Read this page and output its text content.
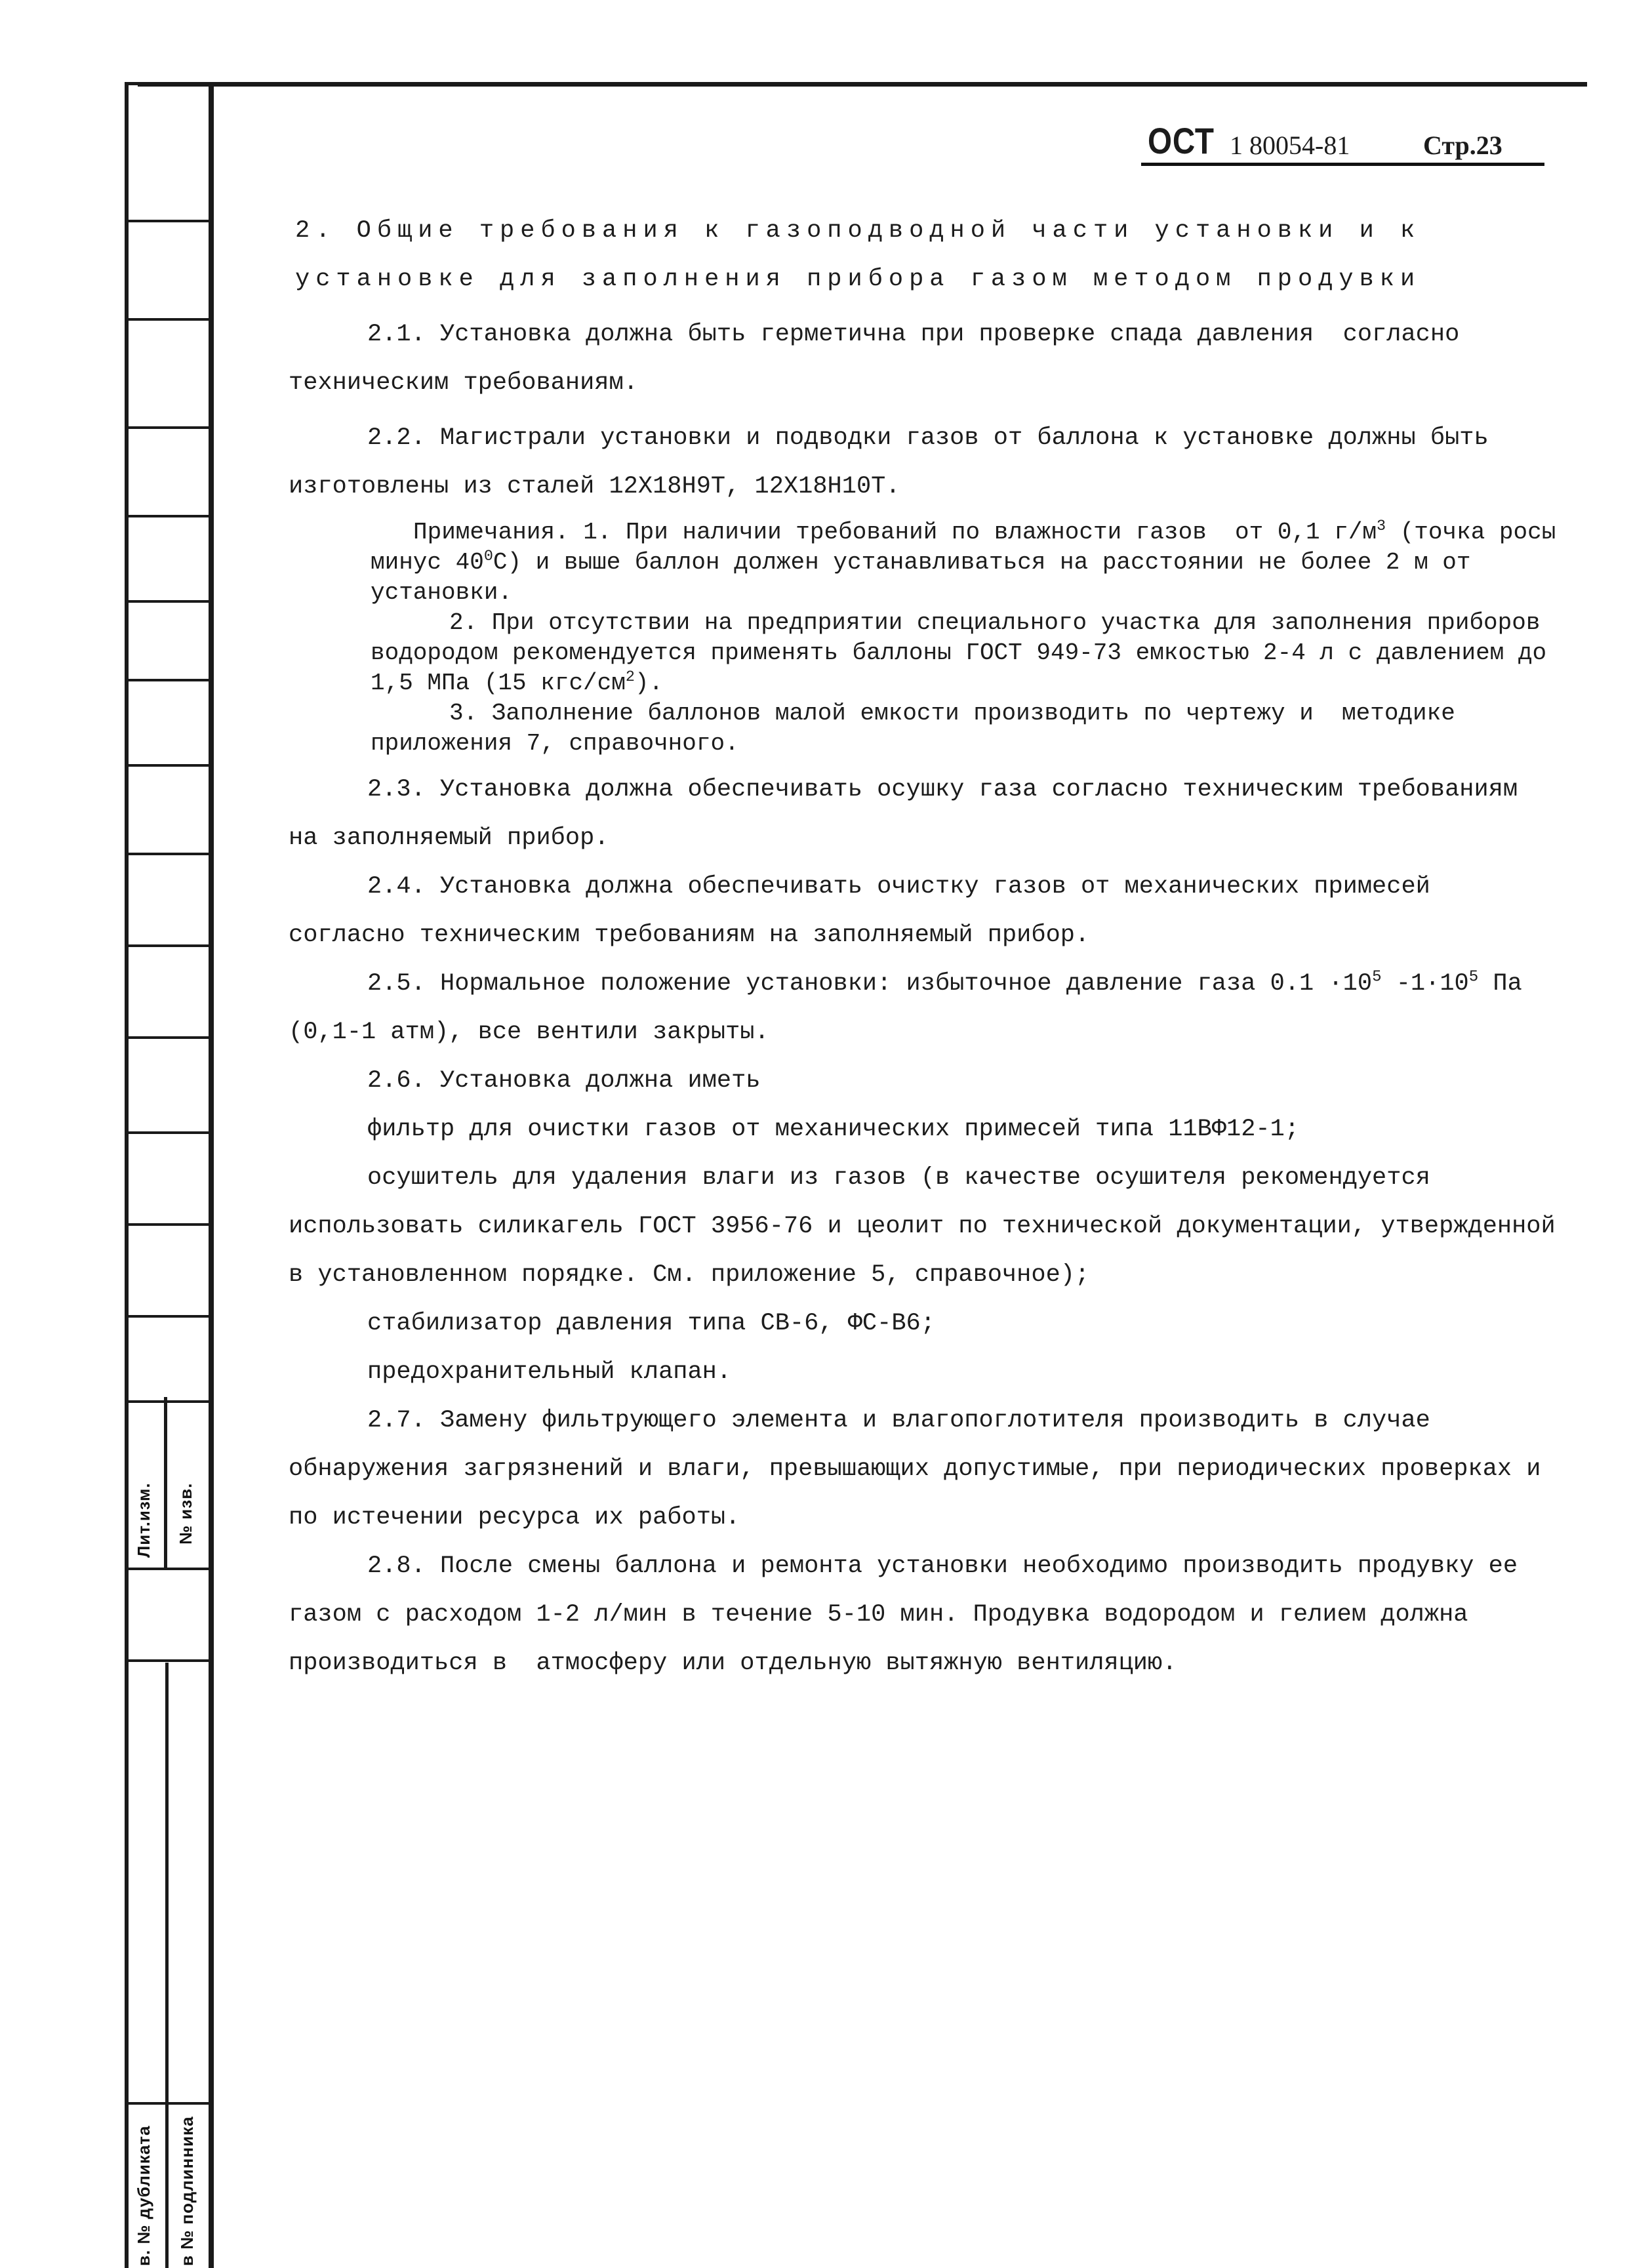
Лит.изм. № изв.
в. № дубликата в № подлинника
ОСТ 1 80054-81	Стр.23

2. Общие требования к газоподводной части установки и к установке для заполнения прибора газом методом продувки

2.1. Установка должна быть герметична при проверке спада давления  согласно техническим требованиям.

2.2. Магистрали установки и подводки газов от баллона к установке должны быть изготовлены из сталей 12Х18Н9Т, 12Х18Н10Т.

Примечания. 1. При наличии требований по влажности газов  от 0,1 $г/м^3$ (точка росы минус $40^0С$) и выше баллон должен устанавливаться на расстоянии не более 2 м от установки.

2. При отсутствии на предприятии специального участка для заполнения приборов водородом рекомендуется применять баллоны ГОСТ 949-73 емкостью 2-4 л с давлением до 1,5 МПа (15 кгс/$см^2$).

3. Заполнение баллонов малой емкости производить по чертежу и  методике приложения 7, справочного.

2.3. Установка должна обеспечивать осушку газа согласно техническим требованиям на заполняемый прибор.

2.4. Установка должна обеспечивать очистку газов от механических примесей согласно техническим требованиям на заполняемый прибор.

2.5. Нормальное положение установки: избыточное давление газа $0.1 \cdot 10^5$ $-1\cdot 10^5$ Па (0,1-1 атм), все вентили закрыты.

2.6. Установка должна иметь

фильтр для очистки газов от механических примесей типа 11ВФ12-1;

осушитель для удаления влаги из газов (в качестве осушителя рекомендуется использовать силикагель ГОСТ 3956-76 и цеолит по технической документации, утвержденной в установленном порядке. См. приложение 5, справочное);

стабилизатор давления типа СВ-6, ФС-В6;

предохранительный клапан.

2.7. Замену фильтрующего элемента и влагопоглотителя производить в случае обнаружения загрязнений и влаги, превышающих допустимые, при периодических проверках и по истечении ресурса их работы.

2.8. После смены баллона и ремонта установки необходимо производить продувку ее газом с расходом 1-2 л/мин в течение 5-10 мин. Продувка водородом и гелием должна производиться в  атмосферу или отдельную вытяжную вентиляцию.
